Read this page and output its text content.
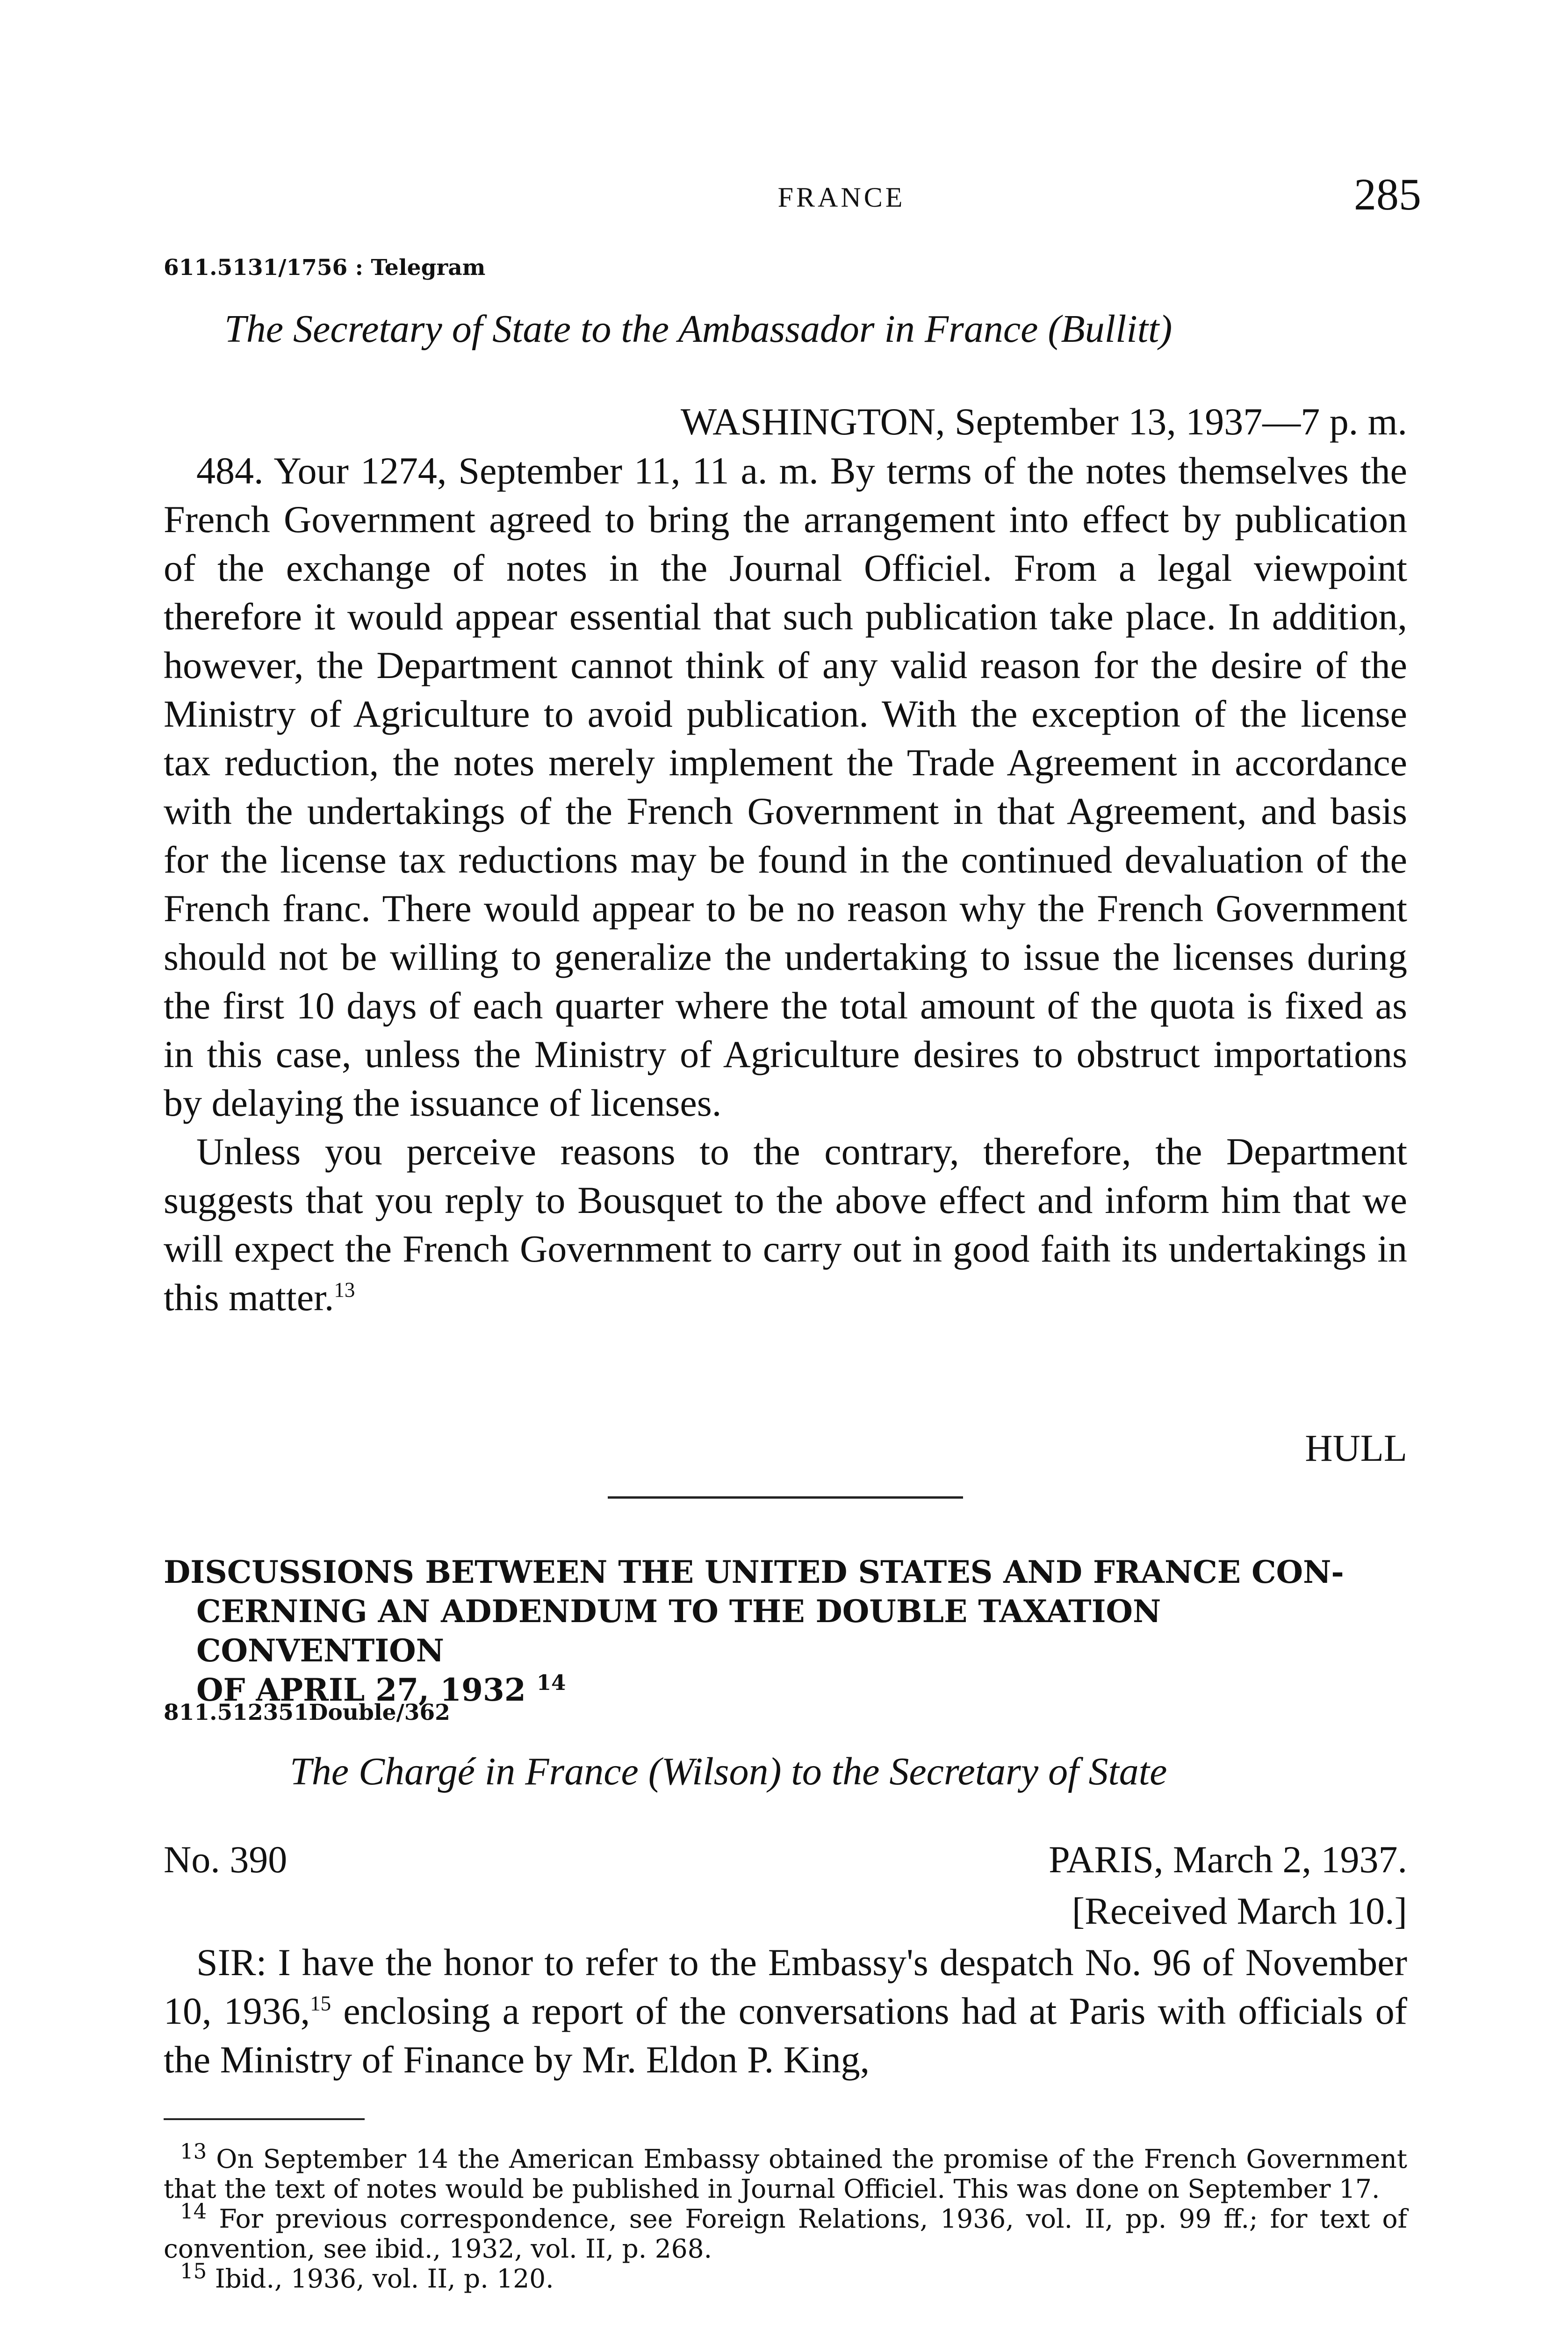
FRANCE	285
611.5131/1756 : Telegram
The Secretary of State to the Ambassador in France (Bullitt)
WASHINGTON, September 13, 1937—7 p. m.

484. Your 1274, September 11, 11 a. m. By terms of the notes themselves the French Government agreed to bring the arrangement into effect by publication of the exchange of notes in the Journal Officiel. From a legal viewpoint therefore it would appear essential that such publication take place. In addition, however, the Department cannot think of any valid reason for the desire of the Ministry of Agriculture to avoid publication. With the exception of the license tax reduction, the notes merely implement the Trade Agreement in accordance with the undertakings of the French Government in that Agreement, and basis for the license tax reductions may be found in the continued devaluation of the French franc. There would appear to be no reason why the French Government should not be willing to generalize the undertaking to issue the licenses during the first 10 days of each quarter where the total amount of the quota is fixed as in this case, unless the Ministry of Agriculture desires to obstruct importations by delaying the issuance of licenses.

Unless you perceive reasons to the contrary, therefore, the Department suggests that you reply to Bousquet to the above effect and inform him that we will expect the French Government to carry out in good faith its undertakings in this matter.$^{13}$

HULL
DISCUSSIONS BETWEEN THE UNITED STATES AND FRANCE CON-
CERNING AN ADDENDUM TO THE DOUBLE TAXATION CONVENTION
OF APRIL 27, 1932 $^{14}$
811.512351Double/362
The Chargé in France (Wilson) to the Secretary of State
No. 390	PARIS, March 2, 1937.
[Received March 10.]

SIR: I have the honor to refer to the Embassy's despatch No. 96 of November 10, 1936,15 enclosing a report of the conversations had at Paris with officials of the Ministry of Finance by Mr. Eldon P. King,

$^{13}$ On September 14 the American Embassy obtained the promise of the French Government that the text of notes would be published in Journal Officiel. This was done on September 17.

$^{14}$ For previous correspondence, see Foreign Relations, 1936, vol. II, pp. 99 ff.; for text of convention, see ibid., 1932, vol. II, p. 268.

$^{15}$ Ibid., 1936, vol. II, p. 120.
